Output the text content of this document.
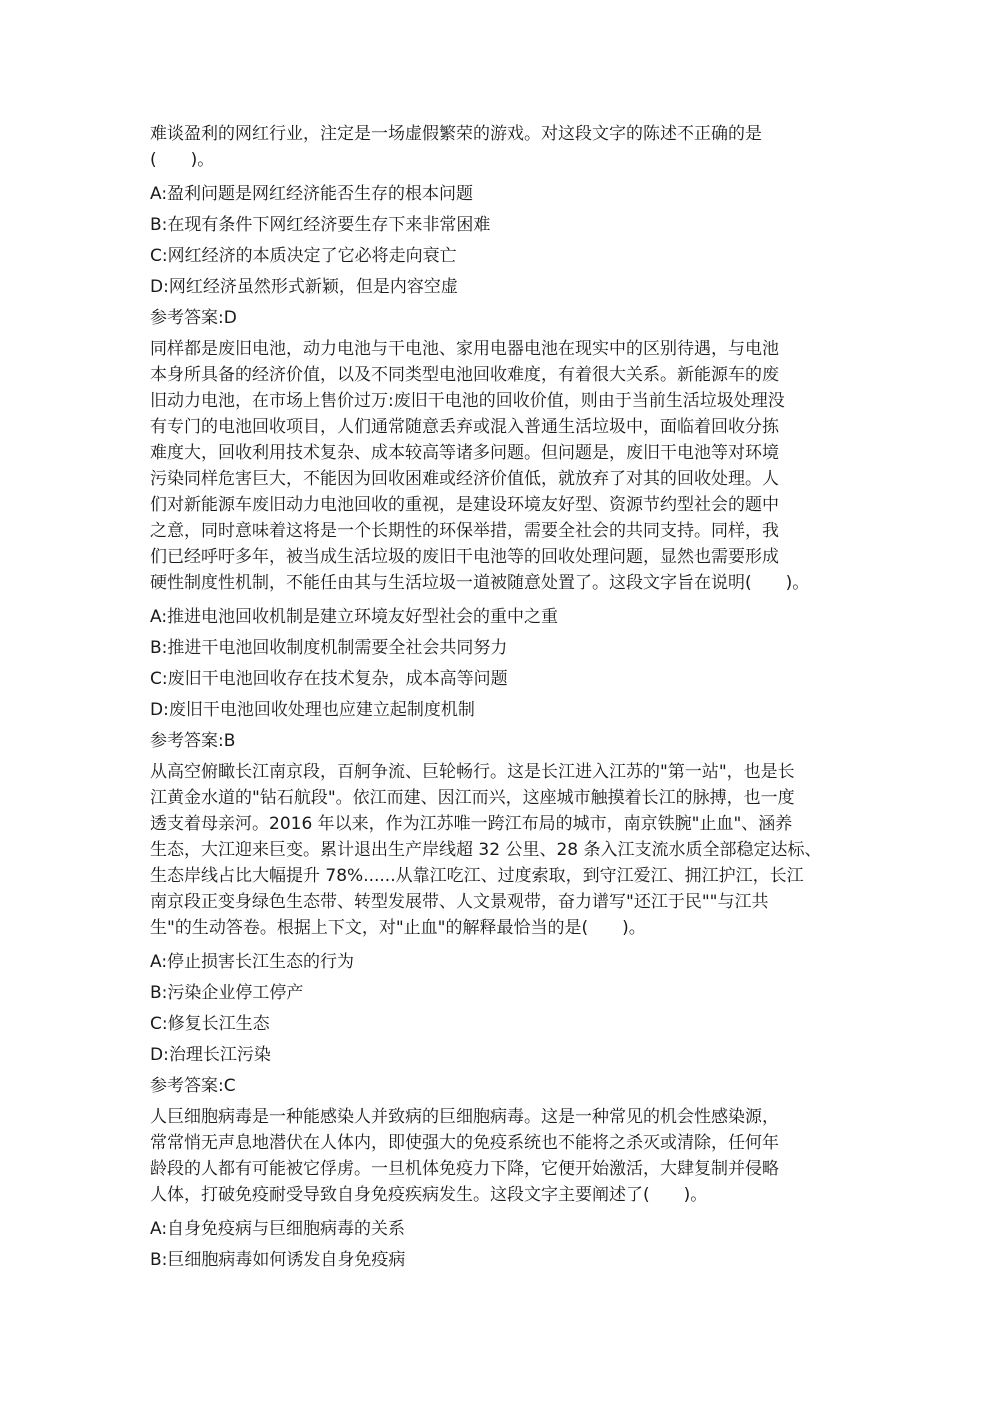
难谈盈利的网红行业，注定是一场虚假繁荣的游戏。对这段文字的陈述不正确的是
(　　)。
A:盈利问题是网红经济能否生存的根本问题
B:在现有条件下网红经济要生存下来非常困难
C:网红经济的本质决定了它必将走向衰亡
D:网红经济虽然形式新颖，但是内容空虚
参考答案:D
同样都是废旧电池，动力电池与干电池、家用电器电池在现实中的区别待遇，与电池
本身所具备的经济价值，以及不同类型电池回收难度，有着很大关系。新能源车的废
旧动力电池，在市场上售价过万:废旧干电池的回收价值，则由于当前生活垃圾处理没
有专门的电池回收项目，人们通常随意丢弃或混入普通生活垃圾中，面临着回收分拣
难度大，回收利用技术复杂、成本较高等诸多问题。但问题是，废旧干电池等对环境
污染同样危害巨大，不能因为回收困难或经济价值低，就放弃了对其的回收处理。人
们对新能源车废旧动力电池回收的重视，是建设环境友好型、资源节约型社会的题中
之意，同时意味着这将是一个长期性的环保举措，需要全社会的共同支持。同样，我
们已经呼吁多年，被当成生活垃圾的废旧干电池等的回收处理问题，显然也需要形成
硬性制度性机制，不能任由其与生活垃圾一道被随意处置了。这段文字旨在说明(　　)。
A:推进电池回收机制是建立环境友好型社会的重中之重
B:推进干电池回收制度机制需要全社会共同努力
C:废旧干电池回收存在技术复杂，成本高等问题
D:废旧干电池回收处理也应建立起制度机制
参考答案:B
从高空俯瞰长江南京段，百舸争流、巨轮畅行。这是长江进入江苏的"第一站"，也是长
江黄金水道的"钻石航段"。依江而建、因江而兴，这座城市触摸着长江的脉搏，也一度
透支着母亲河。2016 年以来，作为江苏唯一跨江布局的城市，南京铁腕"止血"、涵养
生态，大江迎来巨变。累计退出生产岸线超 32 公里、28 条入江支流水质全部稳定达标、
生态岸线占比大幅提升 78%......从靠江吃江、过度索取，到守江爱江、拥江护江，长江
南京段正变身绿色生态带、转型发展带、人文景观带，奋力谱写"还江于民""与江共
生"的生动答卷。根据上下文，对"止血"的解释最恰当的是(　　)。
A:停止损害长江生态的行为
B:污染企业停工停产
C:修复长江生态
D:治理长江污染
参考答案:C
人巨细胞病毒是一种能感染人并致病的巨细胞病毒。这是一种常见的机会性感染源，
常常悄无声息地潜伏在人体内，即使强大的免疫系统也不能将之杀灭或清除，任何年
龄段的人都有可能被它俘虏。一旦机体免疫力下降，它便开始激活，大肆复制并侵略
人体，打破免疫耐受导致自身免疫疾病发生。这段文字主要阐述了(　　)。
A:自身免疫病与巨细胞病毒的关系
B:巨细胞病毒如何诱发自身免疫病
